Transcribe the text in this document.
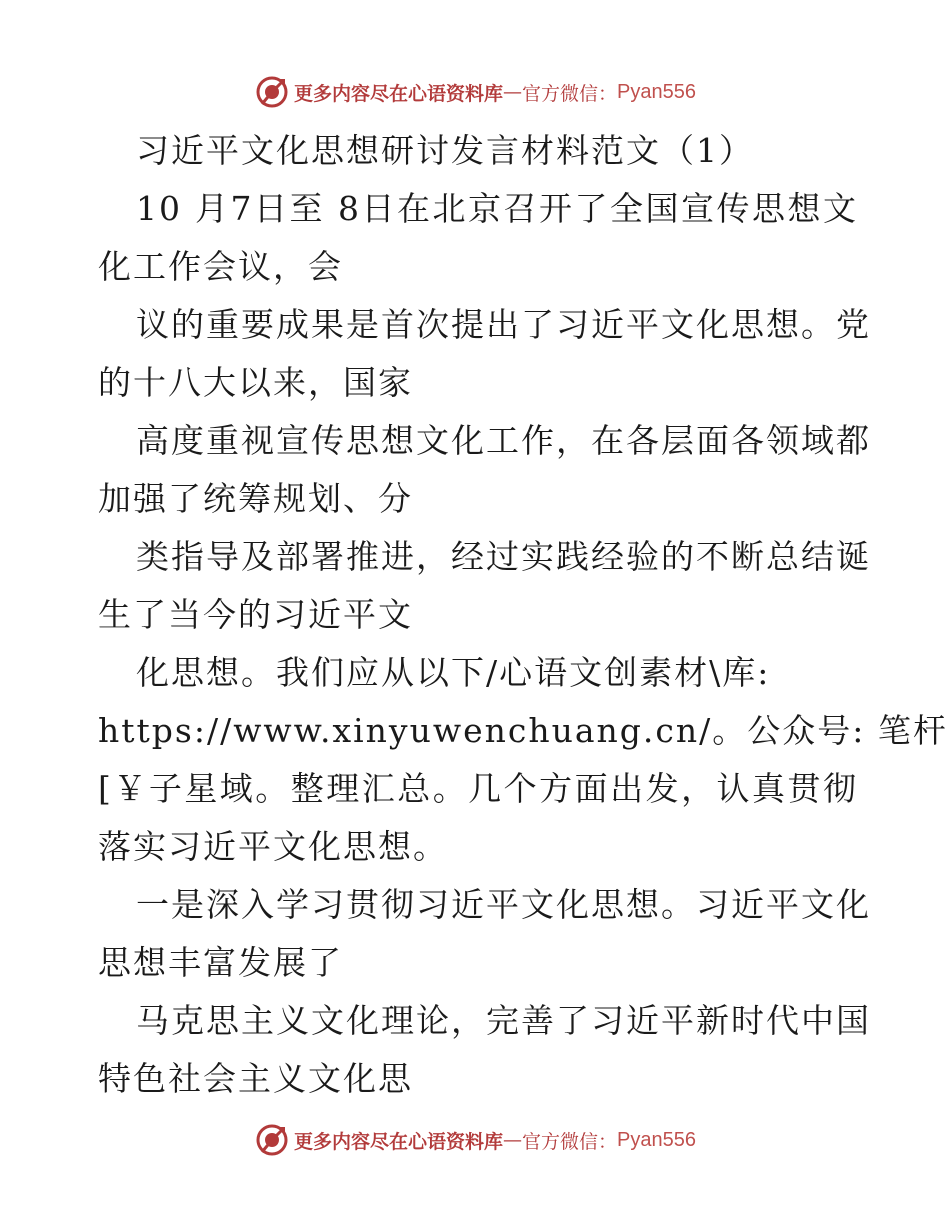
更多内容尽在心语资料库 — 官方微信： Pyan556
习近平文化思想研讨发言材料范文（1）
10 月7日至 8日在北京召开了全国宣传思想文
化工作会议，会
议的重要成果是首次提出了习近平文化思想。党
的十八大以来，国家
高度重视宣传思想文化工作，在各层面各领域都
加强了统筹规划、分
类指导及部署推进，经过实践经验的不断总结诞
生了当今的习近平文
化思想。我们应从以下/心语文创素材\库:
https://www.xinyuwenchuang.cn/。公众号: 笔杆
[￥子星域。整理汇总。几个方面出发，认真贯彻
落实习近平文化思想。
一是深入学习贯彻习近平文化思想。习近平文化
思想丰富发展了
马克思主义文化理论，完善了习近平新时代中国
特色社会主义文化思
更多内容尽在心语资料库 — 官方微信： Pyan556
